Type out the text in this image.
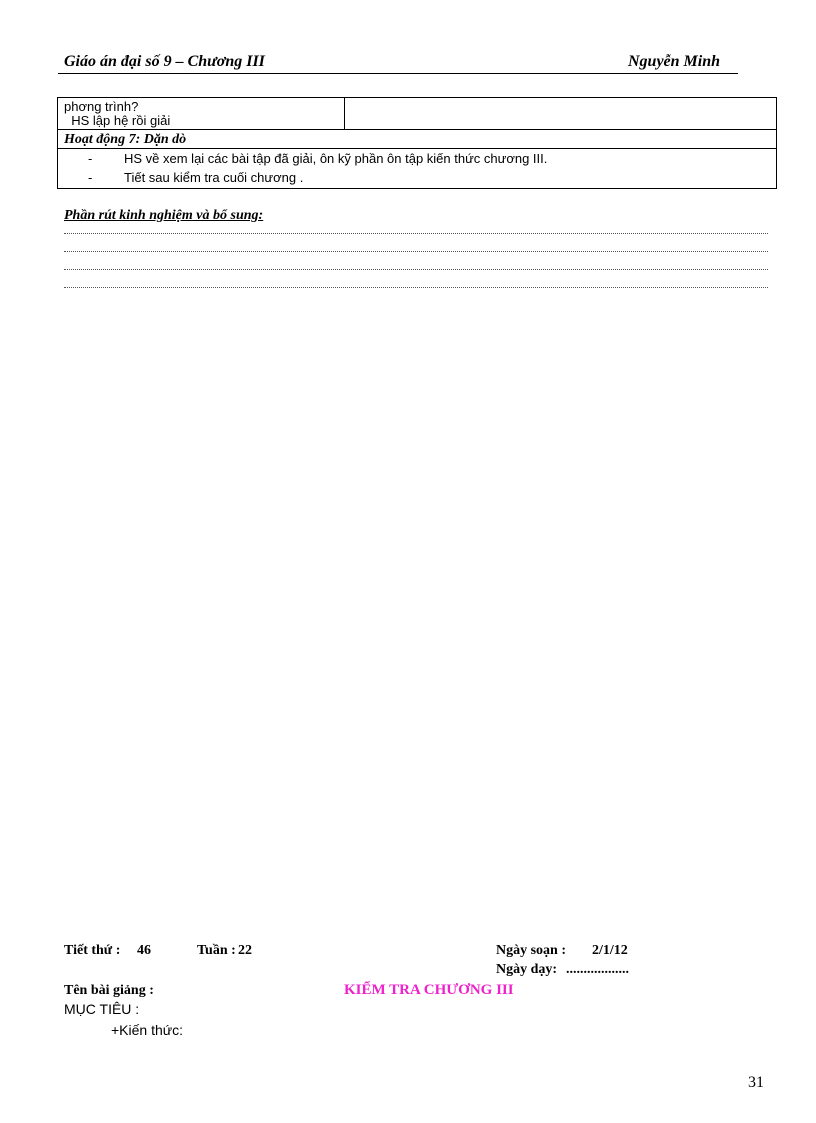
Giáo án đại số 9 – Chương III	Nguyễn Minh
phơng trình?
HS lập hệ rồi giải
Hoạt động 7: Dặn dò
-	HS về xem lại các bài tập đã giải, ôn kỹ phần ôn tập kiến thức chương III.
-	Tiết sau kiểm tra cuối chương .
Phần rút kinh nghiệm và bổ sung:
Tiết thứ : 46	Tuần : 22	Ngày soạn : 2/1/12
Ngày dạy: ..................
Tên bài giảng :	KIỂM TRA CHƯƠNG III
MỤC TIÊU :
+Kiến thức:
31
